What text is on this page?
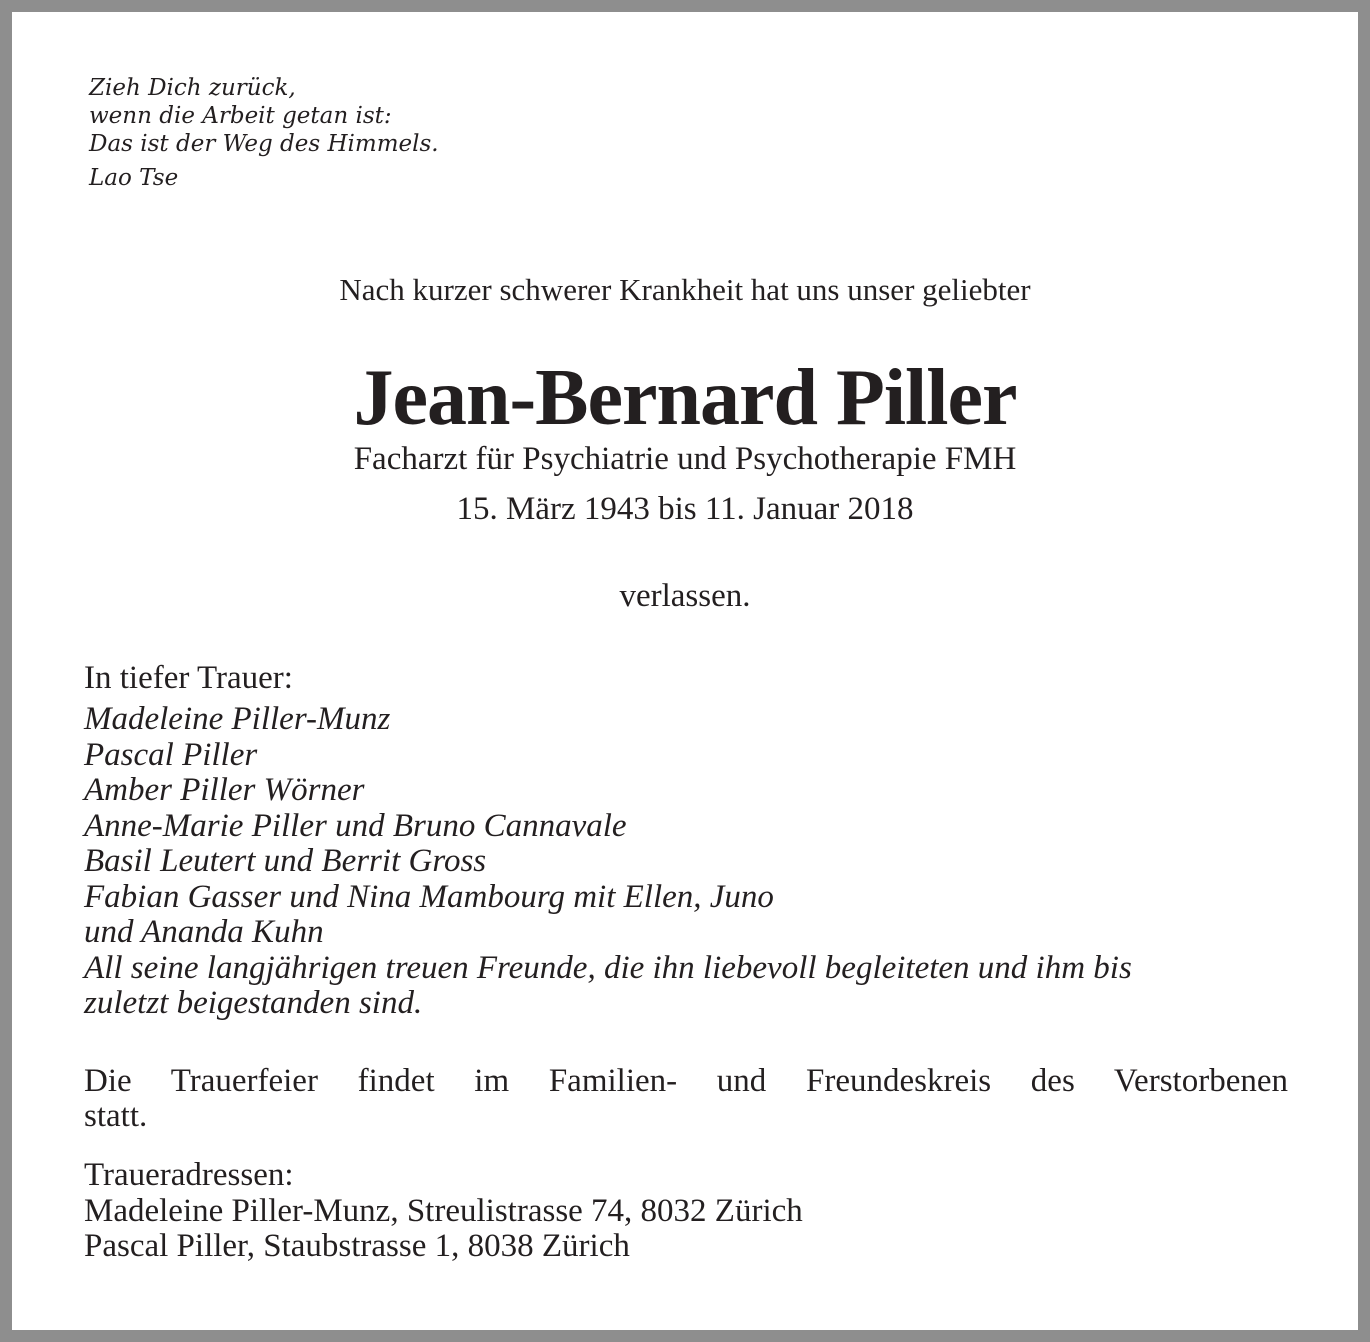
Zieh Dich zurück,
wenn die Arbeit getan ist:
Das ist der Weg des Himmels.
Lao Tse
Nach kurzer schwerer Krankheit hat uns unser geliebter
Jean-Bernard Piller
Facharzt für Psychiatrie und Psychotherapie FMH
15. März 1943 bis 11. Januar 2018
verlassen.
In tiefer Trauer:
Madeleine Piller-Munz
Pascal Piller
Amber Piller Wörner
Anne-Marie Piller und Bruno Cannavale
Basil Leutert und Berrit Gross
Fabian Gasser und Nina Mambourg mit Ellen, Juno
und Ananda Kuhn
All seine langjährigen treuen Freunde, die ihn liebevoll begleiteten und ihm bis
zuletzt beigestanden sind.
Die Trauerfeier findet im Familien- und Freundeskreis des Verstorbenen
statt.
Traueradressen:
Madeleine Piller-Munz, Streulistrasse 74, 8032 Zürich
Pascal Piller, Staubstrasse 1, 8038 Zürich
